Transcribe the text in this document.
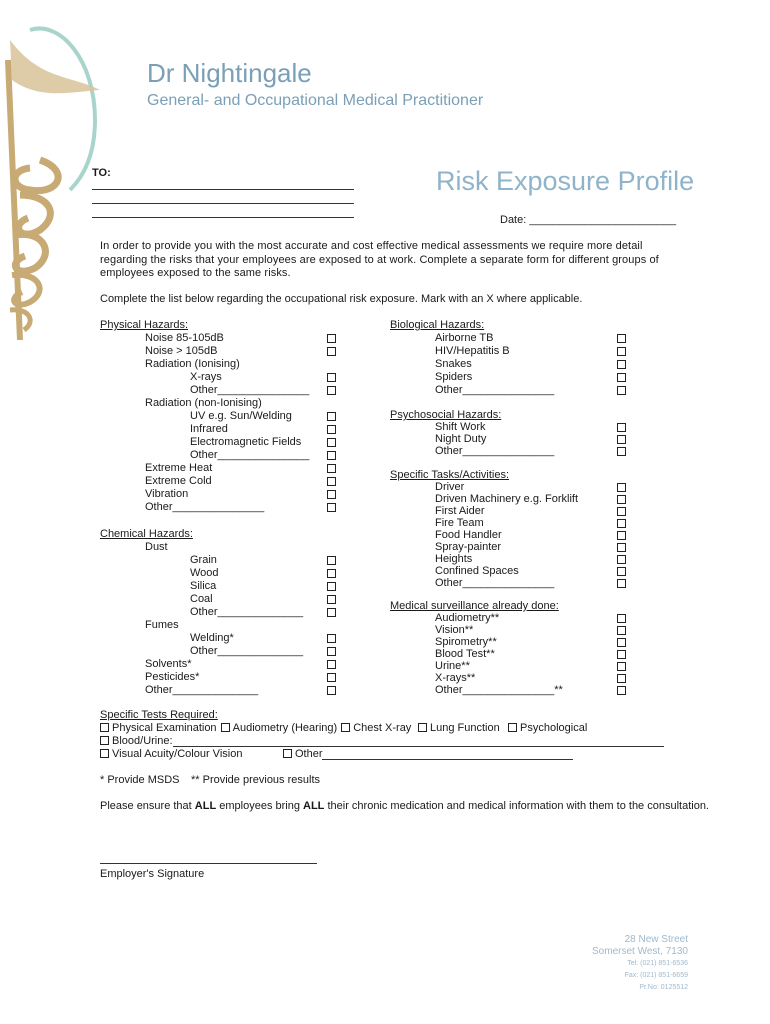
Dr Nightingale
General- and Occupational Medical Practitioner
TO:	Risk Exposure Profile
Date: ________________________
In order to provide you with the most accurate and cost effective medical assessments we require more detail regarding the risks that your employees are exposed to at work. Complete a separate form for different groups of employees exposed to the same risks.
Complete the list below regarding the occupational risk exposure. Mark with an X where applicable.
Physical Hazards:
Noise 85-105dB
Noise > 105dB
Radiation (Ionising)
X-rays
Other_______________
Radiation (non-Ionising)
UV e.g. Sun/Welding
Infrared
Electromagnetic Fields
Other_______________
Extreme Heat
Extreme Cold
Vibration
Other_______________
Chemical Hazards:
Dust
Grain
Wood
Silica
Coal
Other______________
Fumes
Welding*
Other______________
Solvents*
Pesticides*
Other______________
Biological Hazards:
Airborne TB
HIV/Hepatitis B
Snakes
Spiders
Other_______________
Psychosocial Hazards:
Shift Work
Night Duty
Other_______________
Specific Tasks/Activities:
Driver
Driven Machinery e.g. Forklift
First Aider
Fire Team
Food Handler
Spray-painter
Heights
Confined Spaces
Other_______________
Medical surveillance already done:
Audiometry**
Vision**
Spirometry**
Blood Test**
Urine**
X-rays**
Other_______________**
Specific Tests Required:
Physical Examination Audiometry (Hearing) Chest X-ray	Lung Function	Psychological
Blood/Urine:
Visual Acuity/Colour Vision	Other
* Provide MSDS ** Provide previous results
Please ensure that ALL employees bring ALL their chronic medication and medical information with them to the consultation.
Employer's Signature
28 New Street
Somerset West, 7130
Tel: (021) 851-6536
Fax: (021) 851-6659
Pr.No: 0125512
